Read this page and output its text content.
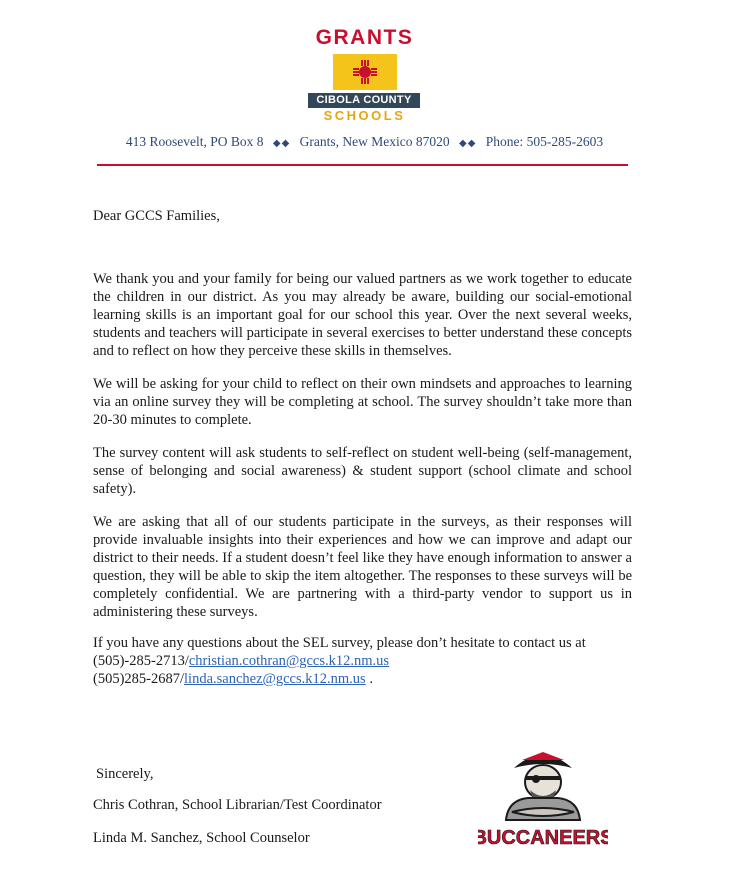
GRANTS
CIBOLA COUNTY
SCHOOLS
413 Roosevelt, PO Box 8 ◆◆ Grants, New Mexico 87020 ◆◆ Phone: 505-285-2603
Dear GCCS Families,

We thank you and your family for being our valued partners as we work together to educate the children in our district. As you may already be aware, building our social-emotional learning skills is an important goal for our school this year. Over the next several weeks, students and teachers will participate in several exercises to better understand these concepts and to reflect on how they perceive these skills in themselves.

We will be asking for your child to reflect on their own mindsets and approaches to learning via an online survey they will be completing at school. The survey shouldn’t take more than 20-30 minutes to complete.

The survey content will ask students to self-reflect on student well-being (self-management, sense of belonging and social awareness) & student support (school climate and school safety).

We are asking that all of our students participate in the surveys, as their responses will provide invaluable insights into their experiences and how we can improve and adapt our district to their needs. If a student doesn’t feel like they have enough information to answer a question, they will be able to skip the item altogether. The responses to these surveys will be completely confidential. We are partnering with a third-party vendor to support us in administering these surveys.

If you have any questions about the SEL survey, please don’t hesitate to contact us at

(505)-285-2713/christian.cothran@gccs.k12.nm.us
(505)285-2687/linda.sanchez@gccs.k12.nm.us .
Sincerely,
Chris Cothran, School Librarian/Test Coordinator
Linda M. Sanchez, School Counselor	BUCCANEERS
